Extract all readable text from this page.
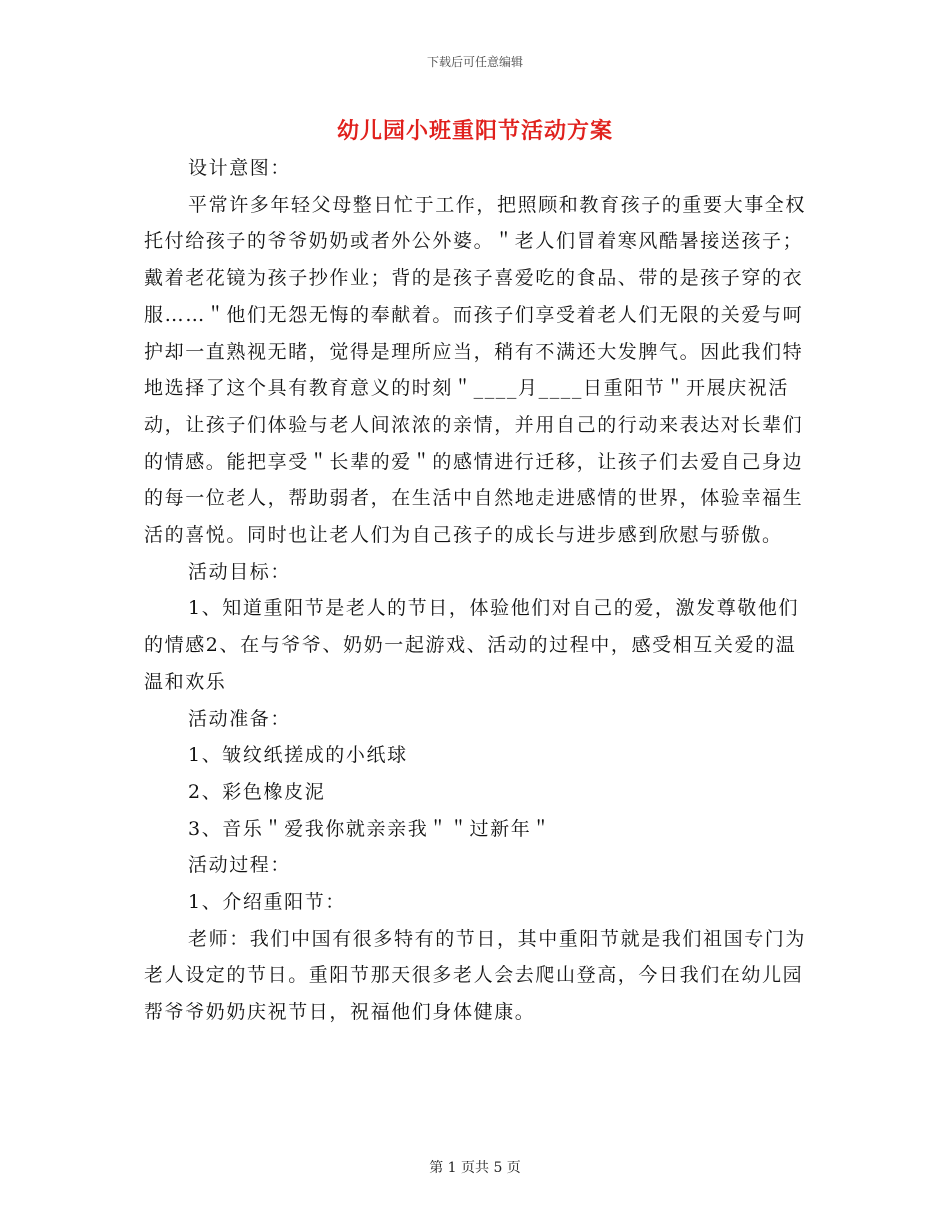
下载后可任意编辑
幼儿园小班重阳节活动方案

设计意图：

平常许多年轻父母整日忙于工作，把照顾和教育孩子的重要大事全权托付给孩子的爷爷奶奶或者外公外婆。＂老人们冒着寒风酷暑接送孩子；戴着老花镜为孩子抄作业；背的是孩子喜爱吃的食品、带的是孩子穿的衣服……＂他们无怨无悔的奉献着。而孩子们享受着老人们无限的关爱与呵护却一直熟视无睹，觉得是理所应当，稍有不满还大发脾气。因此我们特地选择了这个具有教育意义的时刻＂____月____日重阳节＂开展庆祝活动，让孩子们体验与老人间浓浓的亲情，并用自己的行动来表达对长辈们的情感。能把享受＂长辈的爱＂的感情进行迁移，让孩子们去爱自己身边的每一位老人，帮助弱者，在生活中自然地走进感情的世界，体验幸福生活的喜悦。同时也让老人们为自己孩子的成长与进步感到欣慰与骄傲。

活动目标：

1、知道重阳节是老人的节日，体验他们对自己的爱，激发尊敬他们的情感2、在与爷爷、奶奶一起游戏、活动的过程中，感受相互关爱的温温和欢乐

活动准备：

1、皱纹纸搓成的小纸球

2、彩色橡皮泥

3、音乐＂爱我你就亲亲我＂＂过新年＂

活动过程：

1、介绍重阳节：

老师：我们中国有很多特有的节日，其中重阳节就是我们祖国专门为老人设定的节日。重阳节那天很多老人会去爬山登高，今日我们在幼儿园帮爷爷奶奶庆祝节日，祝福他们身体健康。

第 1 页共 5 页
